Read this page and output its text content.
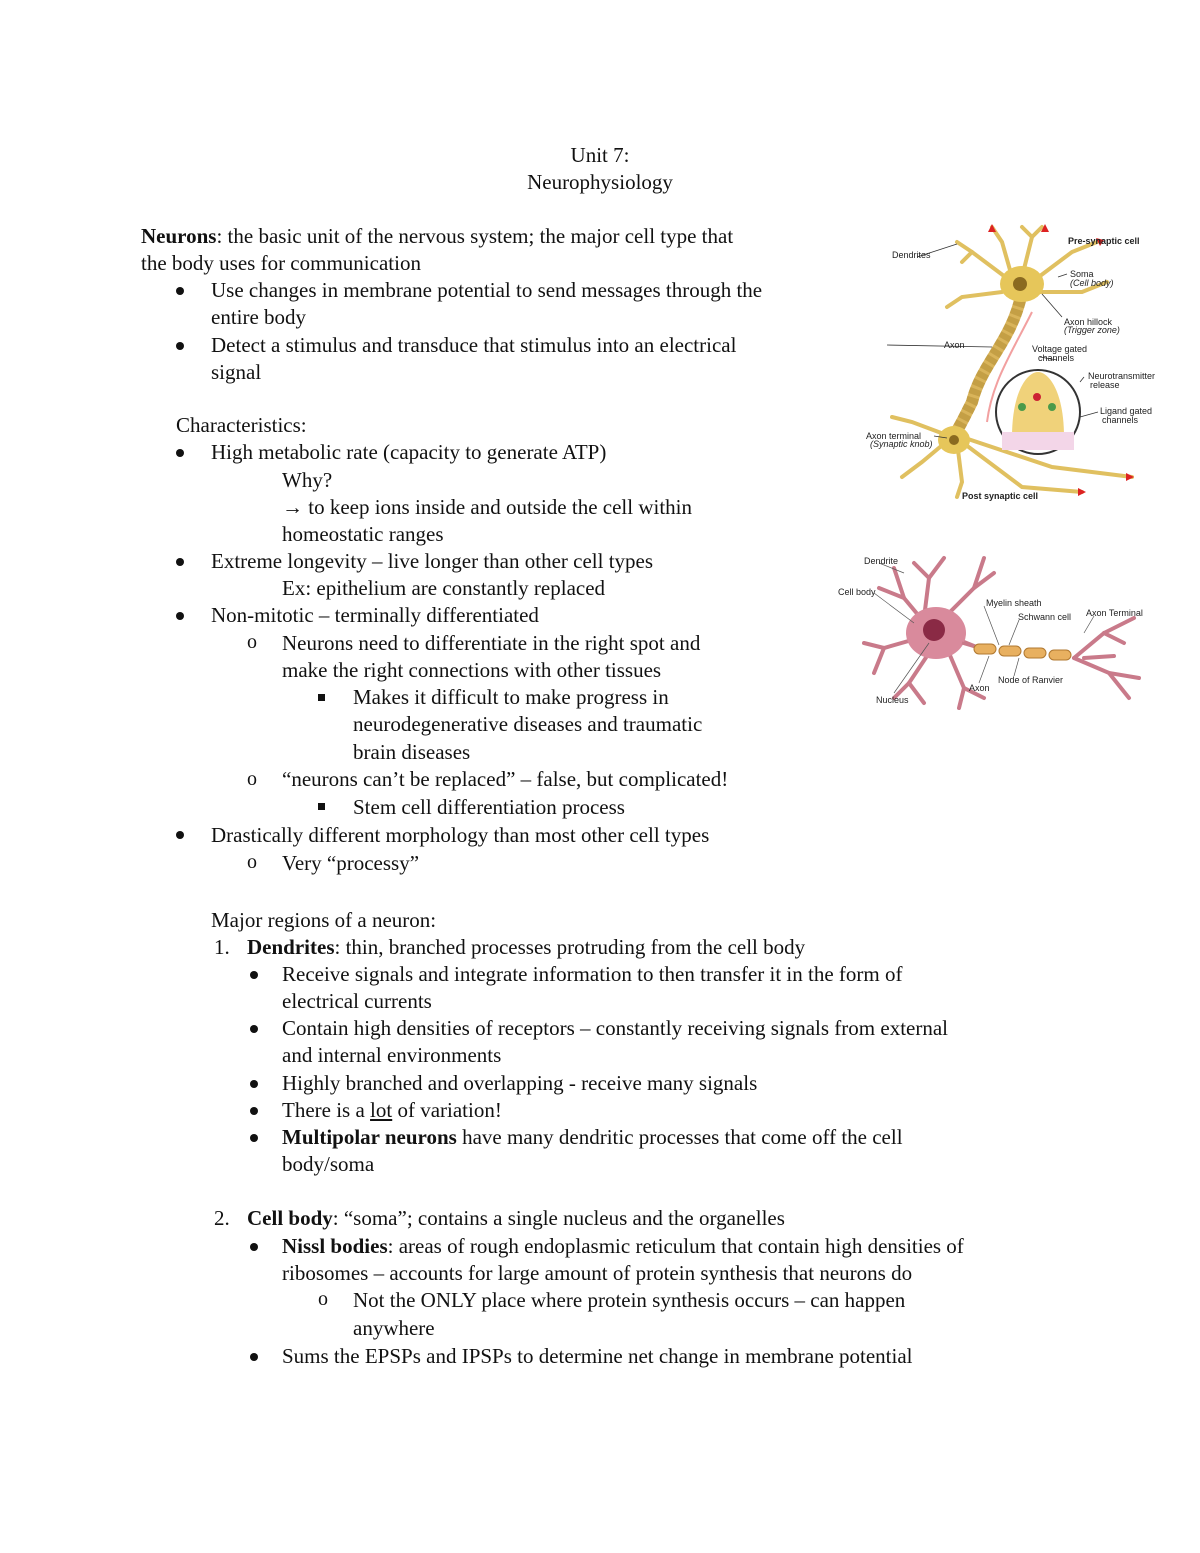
Unit 7:
Neurophysiology
Neurons: the basic unit of the nervous system; the major cell type that
the body uses for communication
Use changes in membrane potential to send messages through the
entire body
Detect a stimulus and transduce that stimulus into an electrical
signal
Characteristics:
High metabolic rate (capacity to generate ATP)
Why?
→ to keep ions inside and outside the cell within
homeostatic ranges
Extreme longevity – live longer than other cell types
Ex: epithelium are constantly replaced
Non-mitotic – terminally differentiated
o Neurons need to differentiate in the right spot and
make the right connections with other tissues
Makes it difficult to make progress in
neurodegenerative diseases and traumatic
brain diseases
o “neurons can’t be replaced” – false, but complicated!
Stem cell differentiation process
Drastically different morphology than most other cell types
o Very “processy”
Major regions of a neuron:
1. Dendrites: thin, branched processes protruding from the cell body
Receive signals and integrate information to then transfer it in the form of
electrical currents
Contain high densities of receptors – constantly receiving signals from external
and internal environments
Highly branched and overlapping - receive many signals
There is a lot of variation!
Multipolar neurons have many dendritic processes that come off the cell
body/soma
2. Cell body: “soma”; contains a single nucleus and the organelles
Nissl bodies: areas of rough endoplasmic reticulum that contain high densities of
ribosomes – accounts for large amount of protein synthesis that neurons do
o Not the ONLY place where protein synthesis occurs – can happen
anywhere
Sums the EPSPs and IPSPs to determine net change in membrane potential
Dendrites
Pre-synaptic cell
Soma
(Cell body)
Axon hillock
(Trigger zone)
Axon	Voltage gated
channels
Neurotransmitter
release
Ligand gated
channels
Axon terminal
(Synaptic knob)
Post synaptic cell
Dendrite
Cell body
Myelin sheath
Schwann cell Axon Terminal
Node of Ranvier
Axon
Nucleus
